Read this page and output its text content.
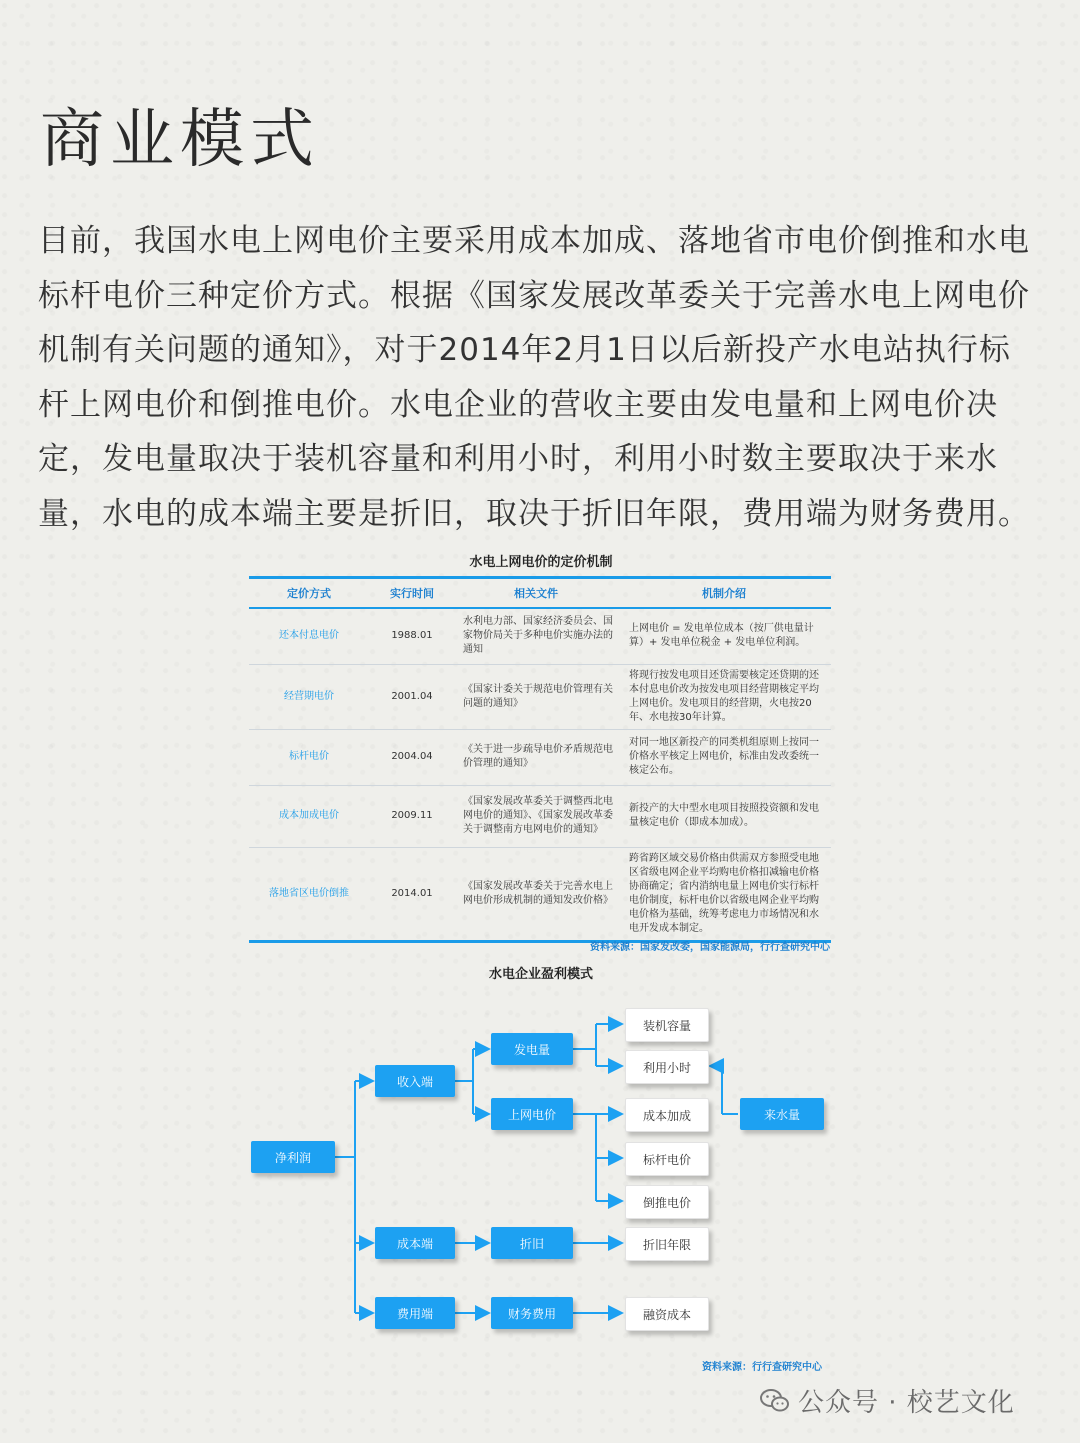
商业模式

目前，我国水电上网电价主要采用成本加成、落地省市电价倒推和水电标杆电价三种定价方式。根据《国家发展改革委关于完善水电上网电价机制有关问题的通知》，对于2014年2月1日以后新投产水电站执行标杆上网电价和倒推电价。水电企业的营收主要由发电量和上网电价决定，发电量取决于装机容量和利用小时，利用小时数主要取决于来水量，水电的成本端主要是折旧，取决于折旧年限，费用端为财务费用。

水电上网电价的定价机制
定价方式	实行时间	相关文件	机制介绍
还本付息电价	1988.01	水利电力部、国家经济委员会、国家物价局关于多种电价实施办法的通知	上网电价 = 发电单位成本（按厂供电量计算）+ 发电单位税金 + 发电单位利润。
经营期电价	2001.04	《国家计委关于规范电价管理有关问题的通知》	将现行按发电项目还贷需要核定还贷期的还本付息电价改为按发电项目经营期核定平均上网电价。发电项目的经营期，火电按20年、水电按30年计算。
标杆电价	2004.04	《关于进一步疏导电价矛盾规范电价管理的通知》	对同一地区新投产的同类机组原则上按同一价格水平核定上网电价，标准由发改委统一核定公布。
成本加成电价	2009.11	《国家发展改革委关于调整西北电网电价的通知》、《国家发展改革委关于调整南方电网电价的通知》	新投产的大中型水电项目按照投资额和发电量核定电价（即成本加成）。
落地省区电价倒推	2014.01	《国家发展改革委关于完善水电上网电价形成机制的通知发改价格》	跨省跨区域交易价格由供需双方参照受电地区省级电网企业平均购电价格扣减输电价格协商确定；省内消纳电量上网电价实行标杆电价制度，标杆电价以省级电网企业平均购电价格为基础，统筹考虑电力市场情况和水电开发成本制定。
资料来源：国家发改委，国家能源局，行行查研究中心
水电企业盈利模式
净利润
收入端
成本端
费用端
发电量
上网电价
折旧
财务费用
来水量
装机容量
利用小时
成本加成
标杆电价
倒推电价
折旧年限
融资成本
资料来源：行行查研究中心
公众号 · 校艺文化
